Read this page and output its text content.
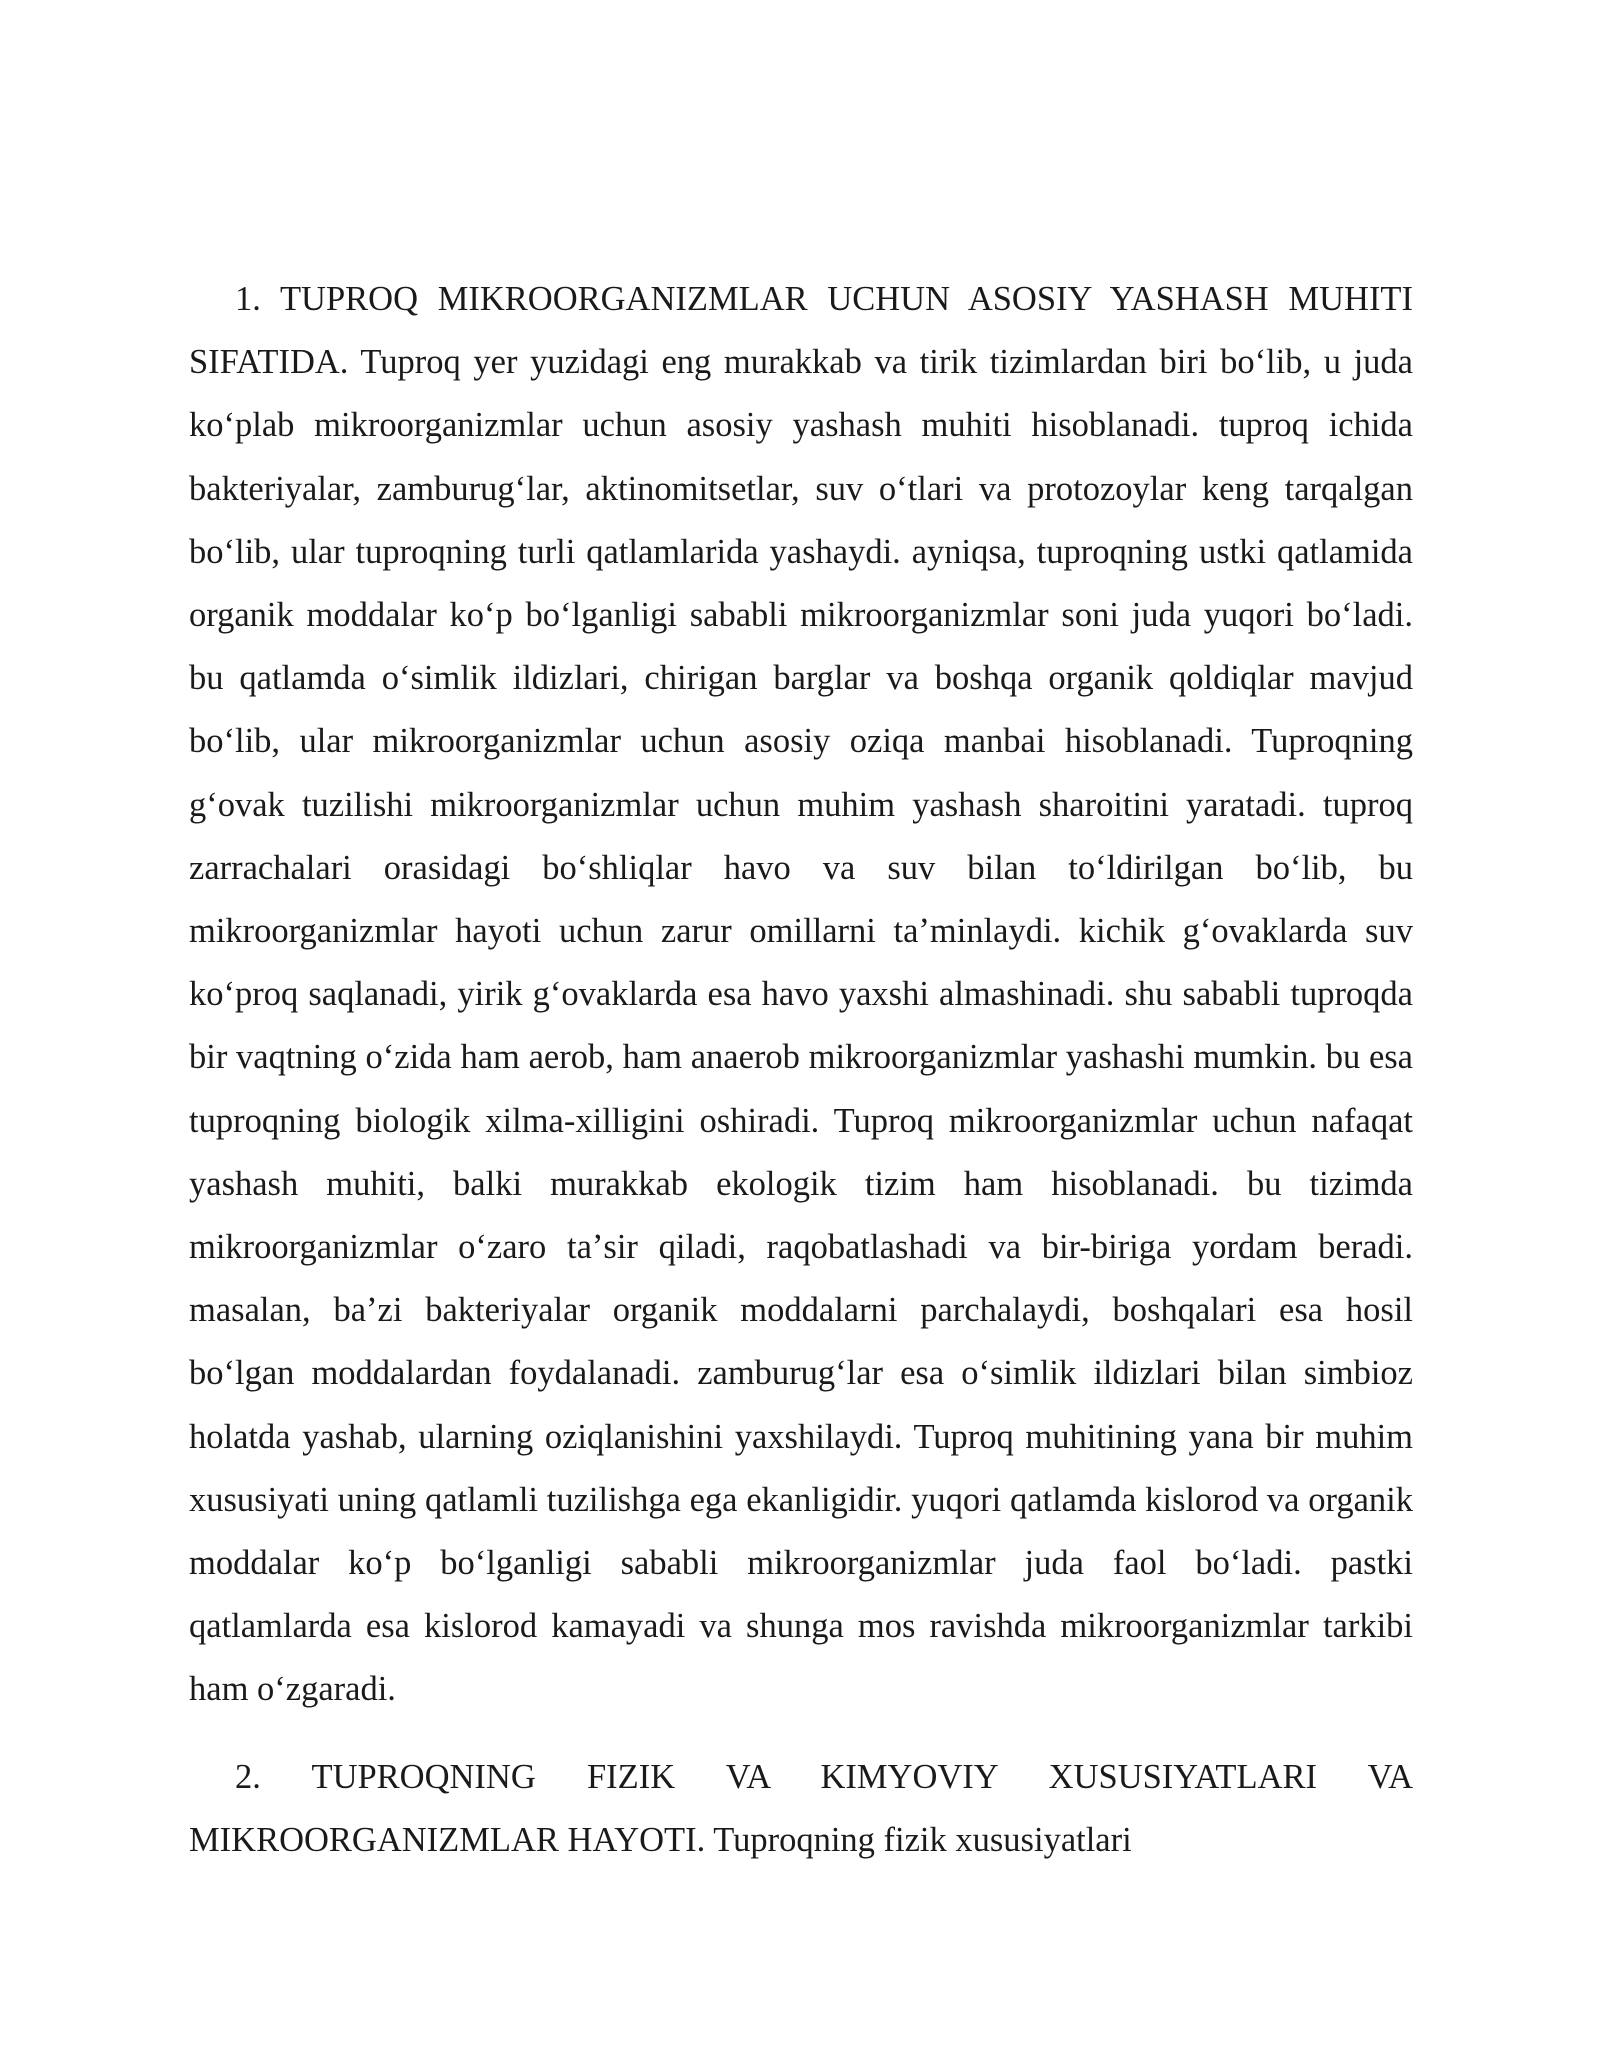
1. TUPROQ MIKROORGANIZMLAR UCHUN ASOSIY YASHASH MUHITI SIFATIDA. Tuproq yer yuzidagi eng murakkab va tirik tizimlardan biri boʻlib, u juda koʻplab mikroorganizmlar uchun asosiy yashash muhiti hisoblanadi. tuproq ichida bakteriyalar, zamburugʻlar, aktinomitsetlar, suv oʻtlari va protozoylar keng tarqalgan boʻlib, ular tuproqning turli qatlamlarida yashaydi. ayniqsa, tuproqning ustki qatlamida organik moddalar koʻp boʻlganligi sababli mikroorganizmlar soni juda yuqori boʻladi. bu qatlamda oʻsimlik ildizlari, chirigan barglar va boshqa organik qoldiqlar mavjud boʻlib, ular mikroorganizmlar uchun asosiy oziqa manbai hisoblanadi. Tuproqning gʻovak tuzilishi mikroorganizmlar uchun muhim yashash sharoitini yaratadi. tuproq zarrachalari orasidagi boʻshliqlar havo va suv bilan toʻldirilgan boʻlib, bu mikroorganizmlar hayoti uchun zarur omillarni taʼminlaydi. kichik gʻovaklarda suv koʻproq saqlanadi, yirik gʻovaklarda esa havo yaxshi almashinadi. shu sababli tuproqda bir vaqtning oʻzida ham aerob, ham anaerob mikroorganizmlar yashashi mumkin. bu esa tuproqning biologik xilma-xilligini oshiradi. Tuproq mikroorganizmlar uchun nafaqat yashash muhiti, balki murakkab ekologik tizim ham hisoblanadi. bu tizimda mikroorganizmlar oʻzaro taʼsir qiladi, raqobatlashadi va bir-biriga yordam beradi. masalan, baʼzi bakteriyalar organik moddalarni parchalaydi, boshqalari esa hosil boʻlgan moddalardan foydalanadi. zamburugʻlar esa oʻsimlik ildizlari bilan simbioz holatda yashab, ularning oziqlanishini yaxshilaydi. Tuproq muhitining yana bir muhim xususiyati uning qatlamli tuzilishga ega ekanligidir. yuqori qatlamda kislorod va organik moddalar koʻp boʻlganligi sababli mikroorganizmlar juda faol boʻladi. pastki qatlamlarda esa kislorod kamayadi va shunga mos ravishda mikroorganizmlar tarkibi ham oʻzgaradi.

2. TUPROQNING FIZIK VA KIMYOVIY XUSUSIYATLARI VA MIKROORGANIZMLAR HAYOTI. Tuproqning fizik xususiyatlari
